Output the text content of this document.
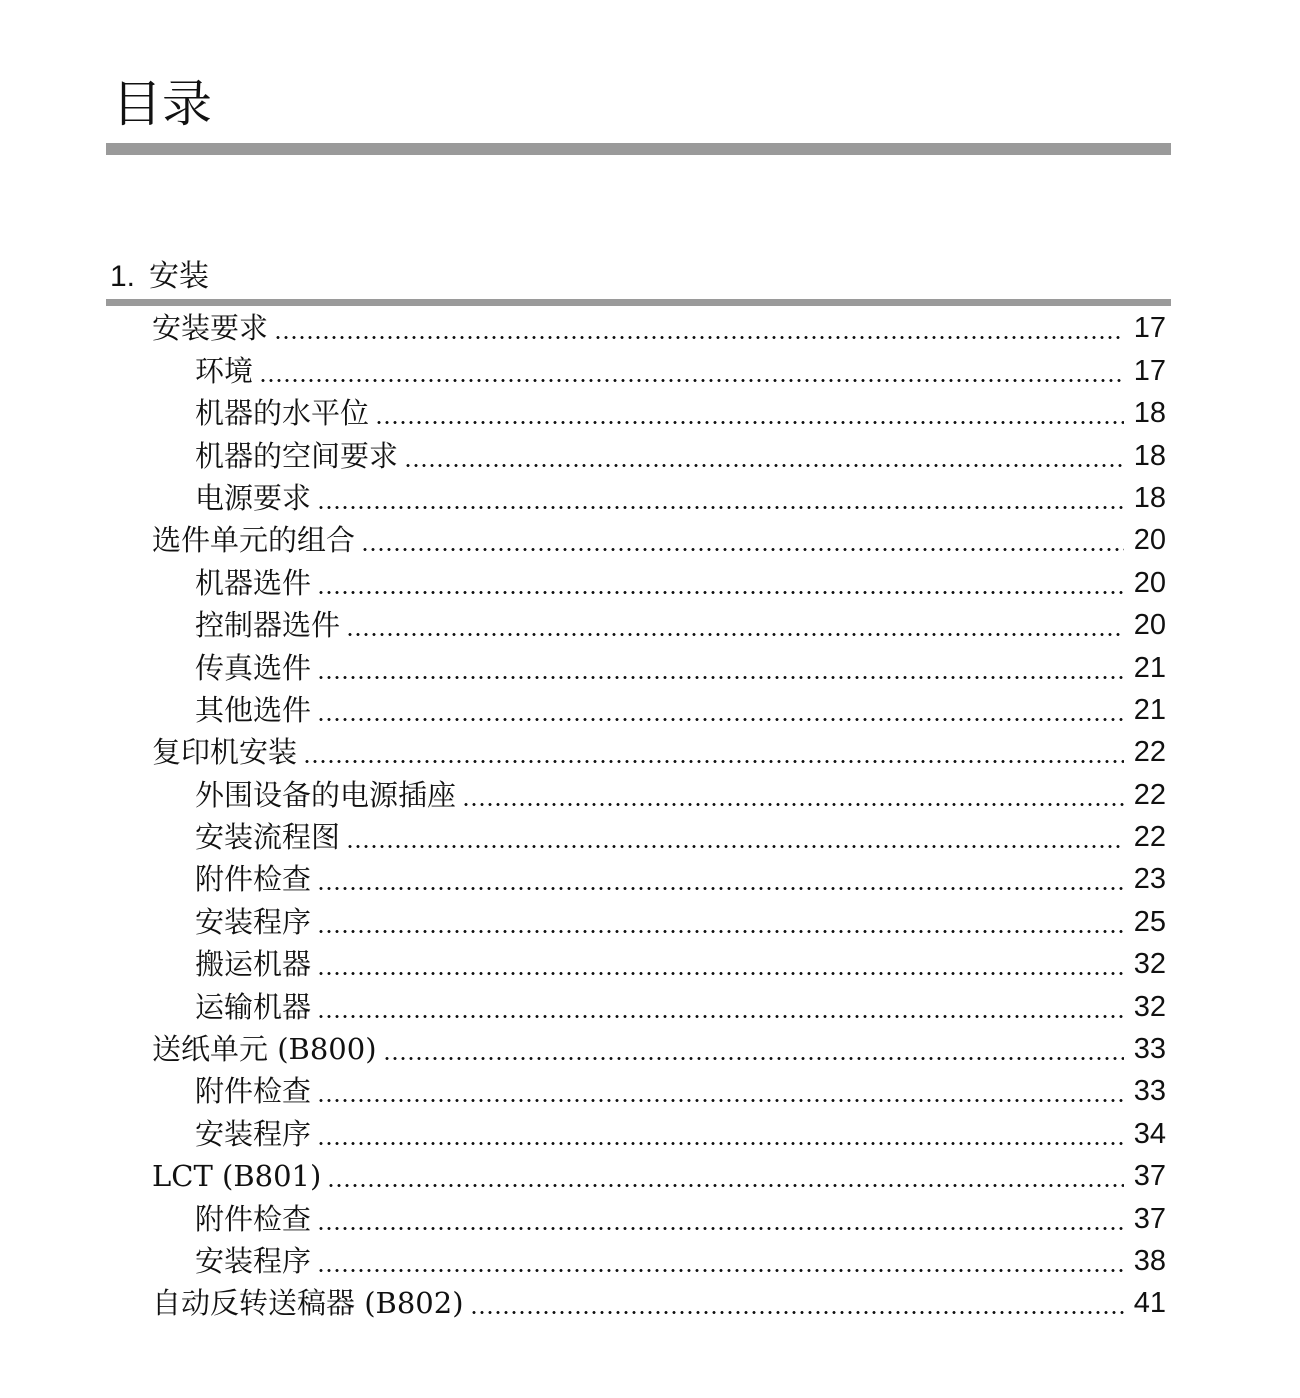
目录
1. 安装
安装要求	17
环境	17
机器的水平位	18
机器的空间要求	18
电源要求	18
选件单元的组合	20
机器选件	20
控制器选件	20
传真选件	21
其他选件	21
复印机安装	22
外围设备的电源插座	22
安装流程图	22
附件检查	23
安装程序	25
搬运机器	32
运输机器	32
送纸单元 (B800)	33
附件检查	33
安装程序	34
LCT (B801)	37
附件检查	37
安装程序	38
自动反转送稿器 (B802)	41
